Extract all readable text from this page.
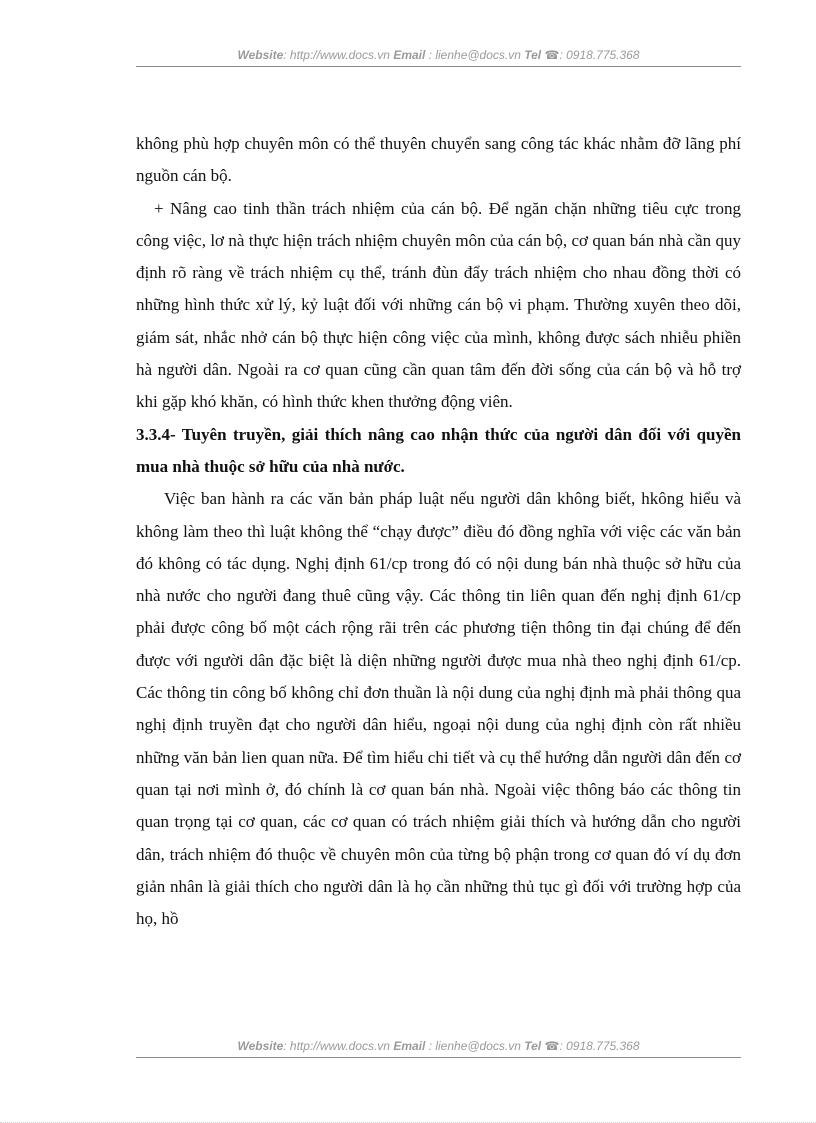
Website: http://www.docs.vn Email : lienhe@docs.vn Tel ☎: 0918.775.368

không phù hợp chuyên môn có thể thuyên chuyển sang công tác khác nhằm đỡ lãng phí nguồn cán bộ.

+ Nâng cao tinh thần trách nhiệm của cán bộ. Để ngăn chặn những tiêu cực trong công việc, lơ nà thực hiện trách nhiệm chuyên môn của cán bộ, cơ quan bán nhà cần quy định rõ ràng về trách nhiệm cụ thể, tránh đùn đẩy trách nhiệm cho nhau đồng thời có những hình thức xử lý, kỷ luật đối với những cán bộ vi phạm. Thường xuyên theo dõi, giám sát, nhắc nhở cán bộ thực hiện công việc của mình, không được sách nhiễu phiền hà người dân. Ngoài ra cơ quan cũng cần quan tâm đến đời sống của cán bộ và hỗ trợ khi gặp khó khăn, có hình thức khen thưởng động viên.

3.3.4- Tuyên truyền, giải thích nâng cao nhận thức của người dân đối với quyền mua nhà thuộc sở hữu của nhà nước.

Việc ban hành ra các văn bản pháp luật nếu người dân không biết, hkông hiểu và không làm theo thì luật không thể “chạy được” điều đó đồng nghĩa với việc các văn bản đó không có tác dụng. Nghị định 61/cp trong đó có nội dung bán nhà thuộc sở hữu của nhà nước cho người đang thuê cũng vậy. Các thông tin liên quan đến nghị định 61/cp phải được công bố một cách rộng rãi trên các phương tiện thông tin đại chúng để đến được với người dân đặc biệt là diện những người được mua nhà theo nghị định 61/cp. Các thông tin công bố không chỉ đơn thuần là nội dung của nghị định mà phải thông qua nghị định truyền đạt cho người dân hiểu, ngoại nội dung của nghị định còn rất nhiều những văn bản lien quan nữa. Để tìm hiểu chi tiết và cụ thể hướng dẫn người dân đến cơ quan tại nơi mình ở, đó chính là cơ quan bán nhà. Ngoài việc thông báo các thông tin quan trọng tại cơ quan, các cơ quan có trách nhiệm giải thích và hướng dẫn cho người dân, trách nhiệm đó thuộc về chuyên môn của từng bộ phận trong cơ quan đó ví dụ đơn giản nhân là giải thích cho người dân là họ cần những thủ tục gì đối với trường hợp của họ, hồ

Website: http://www.docs.vn Email : lienhe@docs.vn Tel ☎: 0918.775.368
